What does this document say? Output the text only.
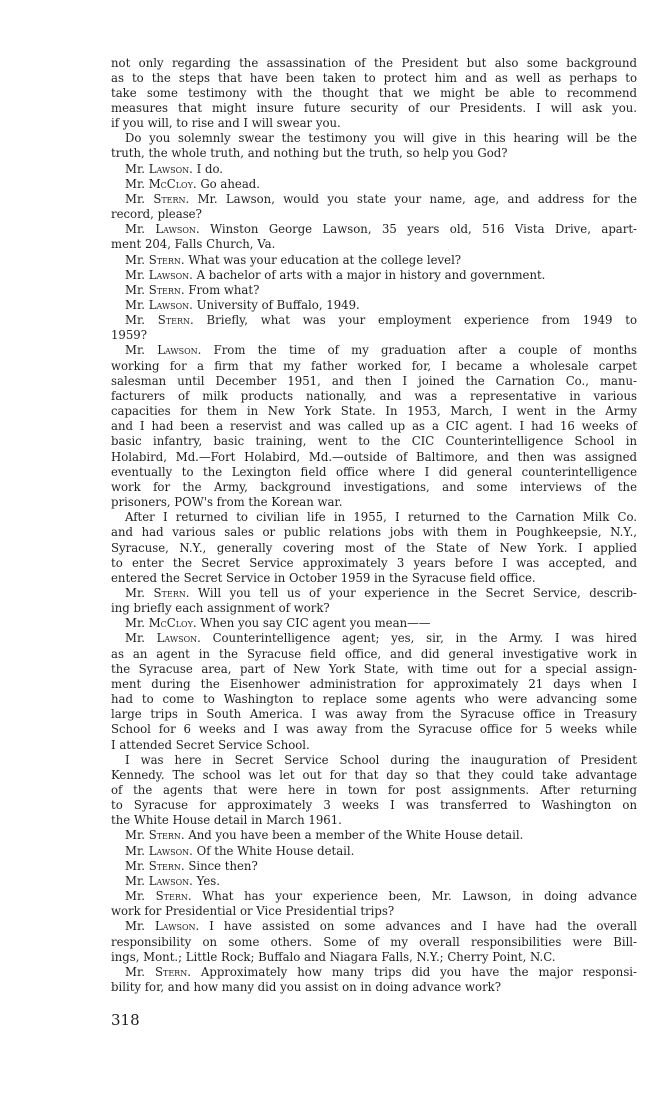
not only regarding the assassination of the President but also some background
as to the steps that have been taken to protect him and as well as perhaps to
take some testimony with the thought that we might be able to recommend
measures that might insure future security of our Presidents. I will ask you.
if you will, to rise and I will swear you.
Do you solemnly swear the testimony you will give in this hearing will be the
truth, the whole truth, and nothing but the truth, so help you God?
Mr. Lawson. I do.
Mr. McCloy. Go ahead.
Mr. Stern. Mr. Lawson, would you state your name, age, and address for the
record, please?
Mr. Lawson. Winston George Lawson, 35 years old, 516 Vista Drive, apart-
ment 204, Falls Church, Va.
Mr. Stern. What was your education at the college level?
Mr. Lawson. A bachelor of arts with a major in history and government.
Mr. Stern. From what?
Mr. Lawson. University of Buffalo, 1949.
Mr. Stern. Briefly, what was your employment experience from 1949 to
1959?
Mr. Lawson. From the time of my graduation after a couple of months
working for a firm that my father worked for, I became a wholesale carpet
salesman until December 1951, and then I joined the Carnation Co., manu-
facturers of milk products nationally, and was a representative in various
capacities for them in New York State. In 1953, March, I went in the Army
and I had been a reservist and was called up as a CIC agent. I had 16 weeks of
basic infantry, basic training, went to the CIC Counterintelligence School in
Holabird, Md.—Fort Holabird, Md.—outside of Baltimore, and then was assigned
eventually to the Lexington field office where I did general counterintelligence
work for the Army, background investigations, and some interviews of the
prisoners, POW's from the Korean war.
After I returned to civilian life in 1955, I returned to the Carnation Milk Co.
and had various sales or public relations jobs with them in Poughkeepsie, N.Y.,
Syracuse, N.Y., generally covering most of the State of New York. I applied
to enter the Secret Service approximately 3 years before I was accepted, and
entered the Secret Service in October 1959 in the Syracuse field office.
Mr. Stern. Will you tell us of your experience in the Secret Service, describ-
ing briefly each assignment of work?
Mr. McCloy. When you say CIC agent you mean——
Mr. Lawson. Counterintelligence agent; yes, sir, in the Army. I was hired
as an agent in the Syracuse field office, and did general investigative work in
the Syracuse area, part of New York State, with time out for a special assign-
ment during the Eisenhower administration for approximately 21 days when I
had to come to Washington to replace some agents who were advancing some
large trips in South America. I was away from the Syracuse office in Treasury
School for 6 weeks and I was away from the Syracuse office for 5 weeks while
I attended Secret Service School.
I was here in Secret Service School during the inauguration of President
Kennedy. The school was let out for that day so that they could take advantage
of the agents that were here in town for post assignments. After returning
to Syracuse for approximately 3 weeks I was transferred to Washington on
the White House detail in March 1961.
Mr. Stern. And you have been a member of the White House detail.
Mr. Lawson. Of the White House detail.
Mr. Stern. Since then?
Mr. Lawson. Yes.
Mr. Stern. What has your experience been, Mr. Lawson, in doing advance
work for Presidential or Vice Presidential trips?
Mr. Lawson. I have assisted on some advances and I have had the overall
responsibility on some others. Some of my overall responsibilities were Bill-
ings, Mont.; Little Rock; Buffalo and Niagara Falls, N.Y.; Cherry Point, N.C.
Mr. Stern. Approximately how many trips did you have the major responsi-
bility for, and how many did you assist on in doing advance work?
318
